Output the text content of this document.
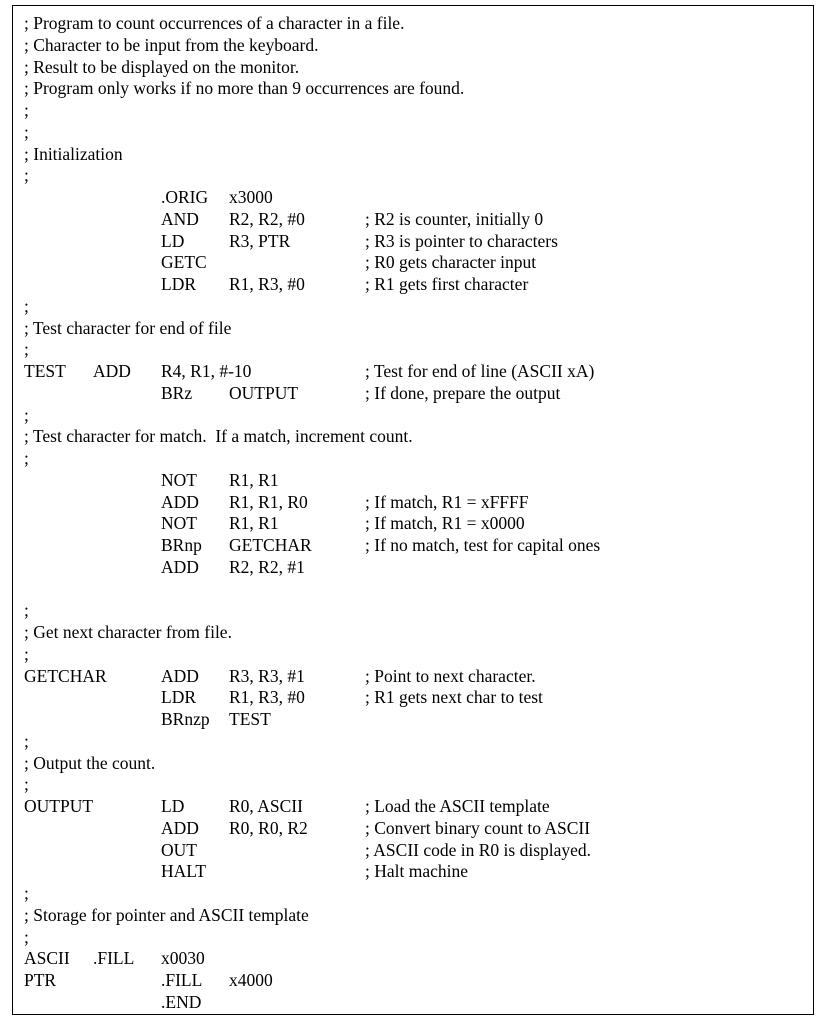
; Program to count occurrences of a character in a file.
; Character to be input from the keyboard.
; Result to be displayed on the monitor.
; Program only works if no more than 9 occurrences are found.
;
;
; Initialization
;
.ORIG x3000
AND R2, R2, #0	; R2 is counter, initially 0
LD	R3, PTR	; R3 is pointer to characters
GETC	; R0 gets character input
LDR R1, R3, #0	; R1 gets first character
;
; Test character for end of file
;
TEST ADD R4, R1, #-10	; Test for end of line (ASCII xA)
BRz OUTPUT	; If done, prepare the output
;
; Test character for match.  If a match, increment count.
;
NOT R1, R1
ADD R1, R1, R0	; If match, R1 = xFFFF
NOT R1, R1	; If match, R1 = x0000
BRnp GETCHAR	; If no match, test for capital ones
ADD R2, R2, #1
;
; Get next character from file.
;
GETCHAR	ADD R3, R3, #1	; Point to next character.
LDR R1, R3, #0	; R1 gets next char to test
BRnzp TEST
;
; Output the count.
;
OUTPUT	LD	R0, ASCII	; Load the ASCII template
ADD R0, R0, R2	; Convert binary count to ASCII
OUT	; ASCII code in R0 is displayed.
HALT	; Halt machine
;
; Storage for pointer and ASCII template
;
ASCII .FILL x0030
PTR	.FILL x4000
.END
